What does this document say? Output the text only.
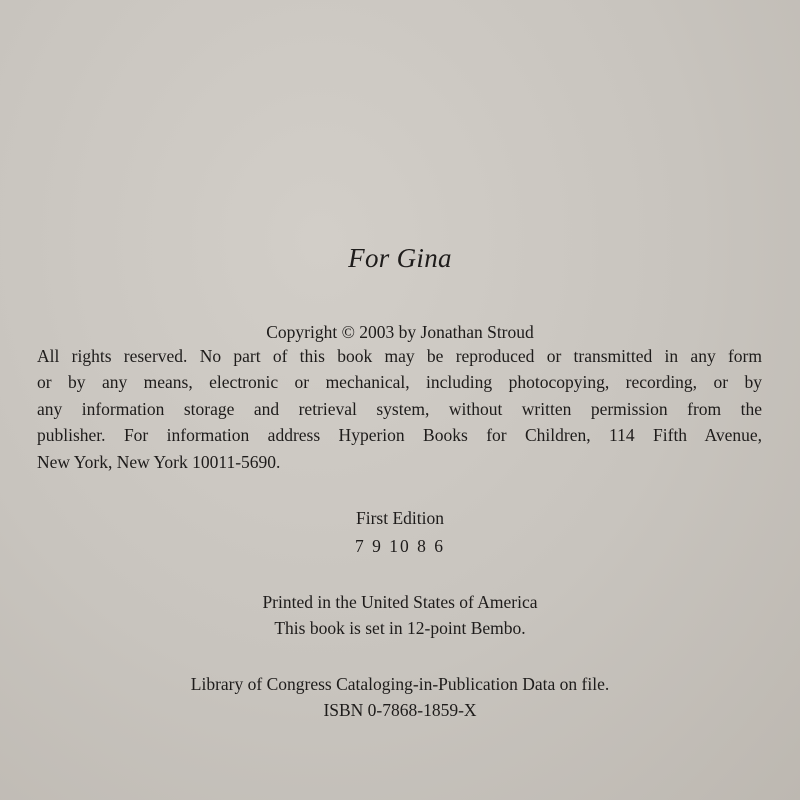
For Gina
Copyright © 2003 by Jonathan Stroud
All rights reserved. No part of this book may be reproduced or transmitted in any form
or by any means, electronic or mechanical, including photocopying, recording, or by
any information storage and retrieval system, without written permission from the
publisher. For information address Hyperion Books for Children, 114 Fifth Avenue,
New York, New York 10011-5690.
First Edition
7 9 10 8 6
Printed in the United States of America
This book is set in 12-point Bembo.
Library of Congress Cataloging-in-Publication Data on file.
ISBN 0-7868-1859-X
